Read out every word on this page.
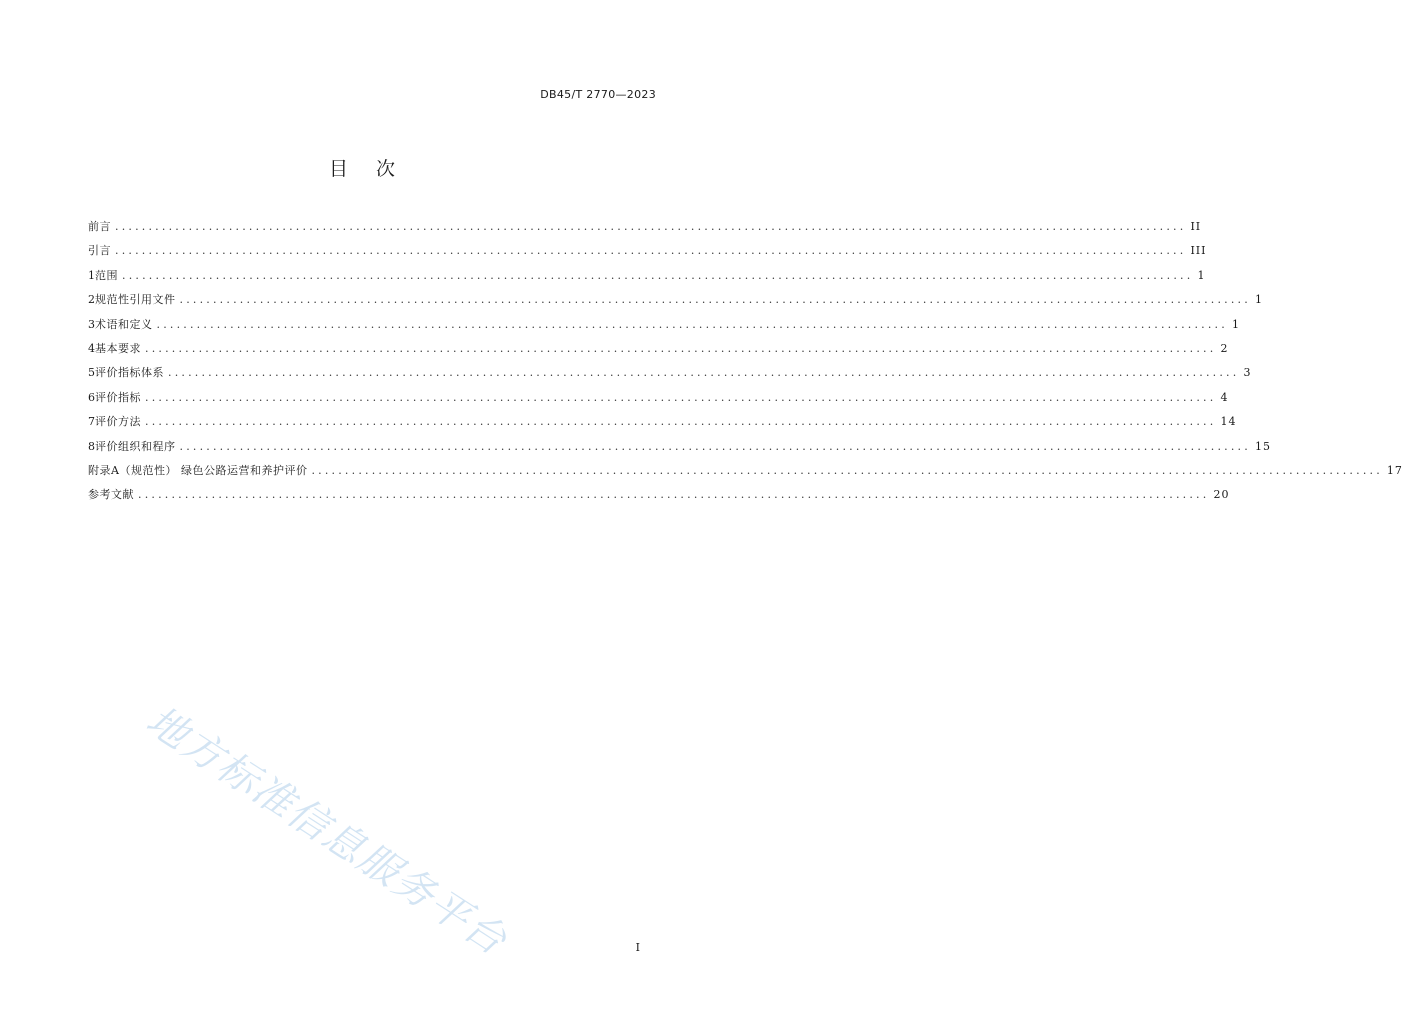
DB45/T 2770—2023
目次
前言 ................................................................................................................................................................ II
引言 ................................................................................................................................................................ III
1 范围 ................................................................................................................................................................ 1
2 规范性引用文件 ................................................................................................................................................................ 1
3 术语和定义 ................................................................................................................................................................ 1
4 基本要求 ................................................................................................................................................................ 2
5 评价指标体系 ................................................................................................................................................................ 3
6 评价指标 ................................................................................................................................................................ 4
7 评价方法 ................................................................................................................................................................ 14
8 评价组织和程序 ................................................................................................................................................................ 15
附录A（规范性） 绿色公路运营和养护评价 ................................................................................................................................................................ 17
参考文献 ................................................................................................................................................................ 20
地方标准信息服务平台	I
